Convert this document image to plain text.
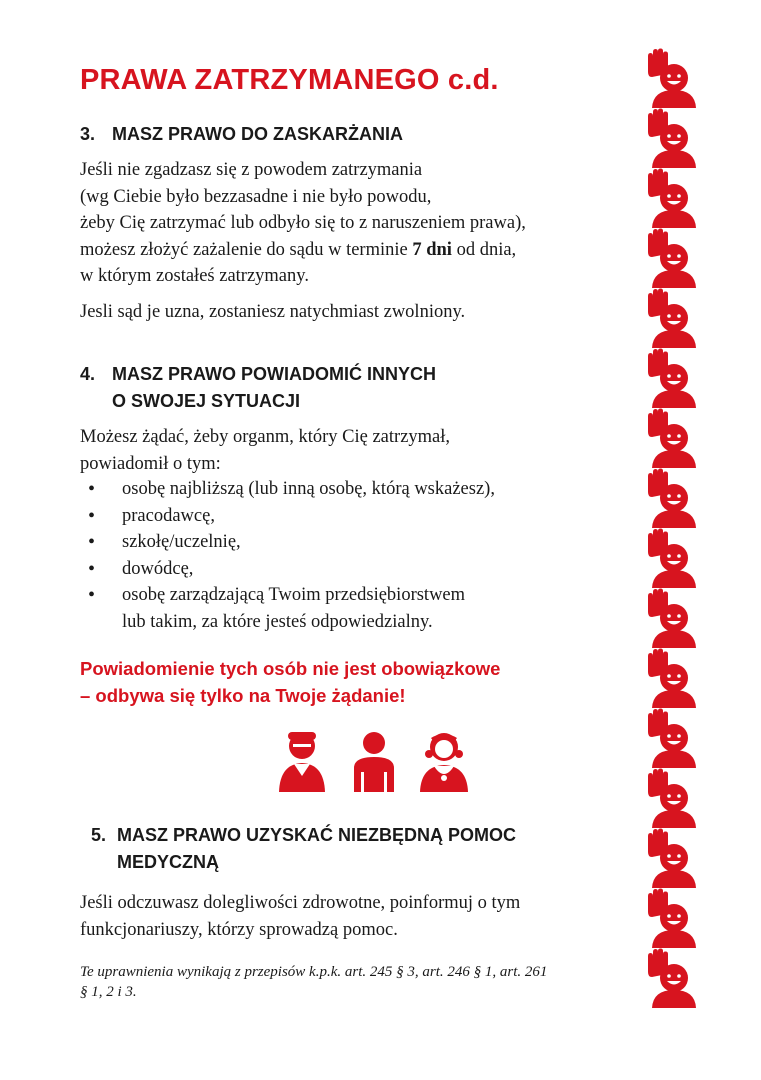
PRAWA ZATRZYMANEGO c.d.
3. MASZ PRAWO DO ZASKARŻANIA
Jeśli nie zgadzasz się z powodem zatrzymania
(wg Ciebie było bezzasadne i nie było powodu,
żeby Cię zatrzymać lub odbyło się to z naruszeniem prawa),
możesz złożyć zażalenie do sądu w terminie 7 dni od dnia,
w którym zostałeś zatrzymany.
Jesli sąd je uzna, zostaniesz natychmiast zwolniony.
4. MASZ PRAWO POWIADOMIĆ INNYCH
O SWOJEJ SYTUACJI
Możesz żądać, żeby organm, który Cię zatrzymał,
powiadomił o tym:
• osobę najbliższą (lub inną osobę, którą wskażesz),
• pracodawcę,
• szkołę/uczelnię,
• dowódcę,
• osobę zarządzającą Twoim przedsiębiorstwem
lub takim, za które jesteś odpowiedzialny.
Powiadomienie tych osób nie jest obowiązkowe
– odbywa się tylko na Twoje żądanie!
5. MASZ PRAWO UZYSKAĆ NIEZBĘDNĄ POMOC
MEDYCZNĄ
Jeśli odczuwasz dolegliwości zdrowotne, poinformuj o tym
funkcjonariuszy, którzy sprowadzą pomoc.
Te uprawnienia wynikają z przepisów k.p.k. art. 245 § 3, art. 246 § 1, art. 261
§ 1, 2 i 3.
